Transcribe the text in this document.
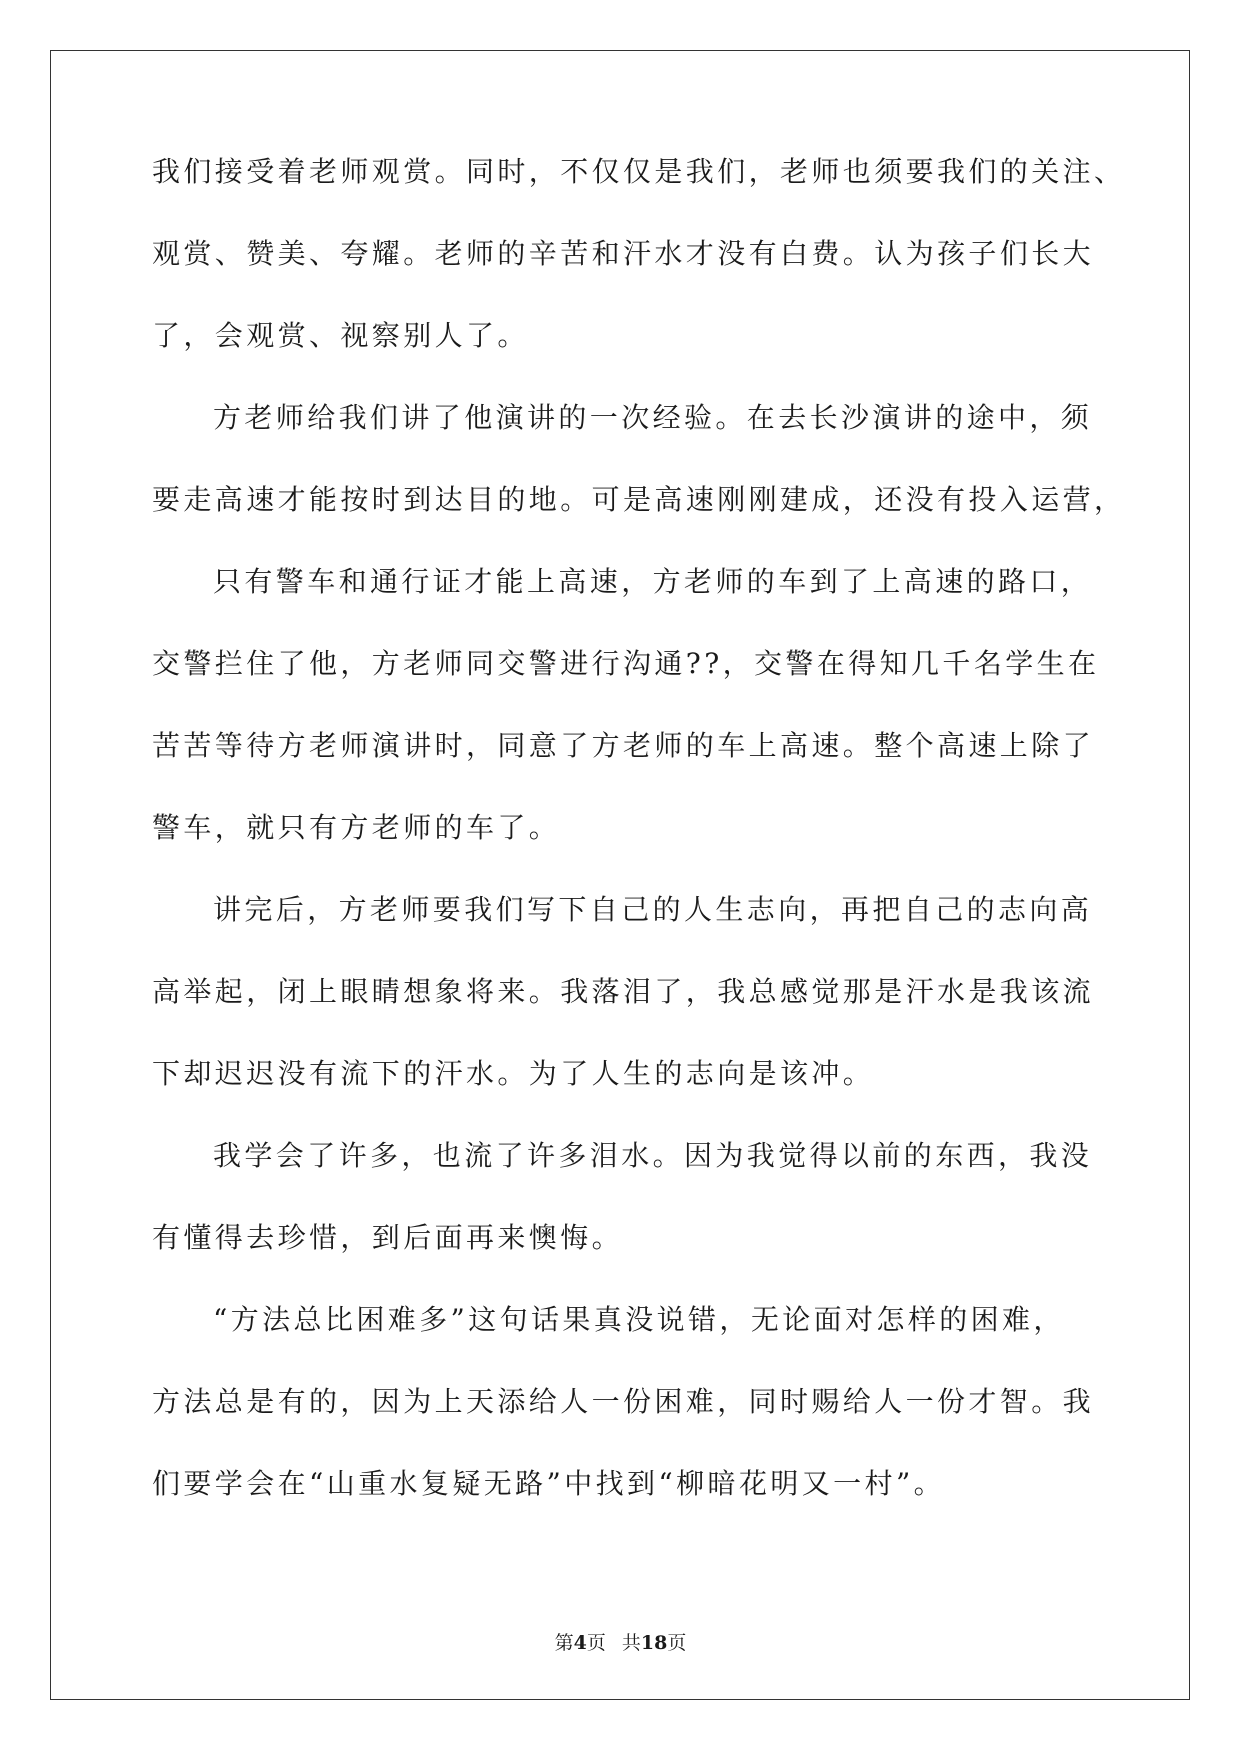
我们接受着老师观赏。同时，不仅仅是我们，老师也须要我们的关注、
观赏、赞美、夸耀。老师的辛苦和汗水才没有白费。认为孩子们长大
了，会观赏、视察别人了。
方老师给我们讲了他演讲的一次经验。在去长沙演讲的途中，须
要走高速才能按时到达目的地。可是高速刚刚建成，还没有投入运营，
只有警车和通行证才能上高速，方老师的车到了上高速的路口，
交警拦住了他，方老师同交警进行沟通??，交警在得知几千名学生在
苦苦等待方老师演讲时，同意了方老师的车上高速。整个高速上除了
警车，就只有方老师的车了。
讲完后，方老师要我们写下自己的人生志向，再把自己的志向高
高举起，闭上眼睛想象将来。我落泪了，我总感觉那是汗水是我该流
下却迟迟没有流下的汗水。为了人生的志向是该冲。
我学会了许多，也流了许多泪水。因为我觉得以前的东西，我没
有懂得去珍惜，到后面再来懊悔。
“方法总比困难多”这句话果真没说错，无论面对怎样的困难，
方法总是有的，因为上天添给人一份困难，同时赐给人一份才智。我
们要学会在“山重水复疑无路”中找到“柳暗花明又一村”。
第4页 共18页
